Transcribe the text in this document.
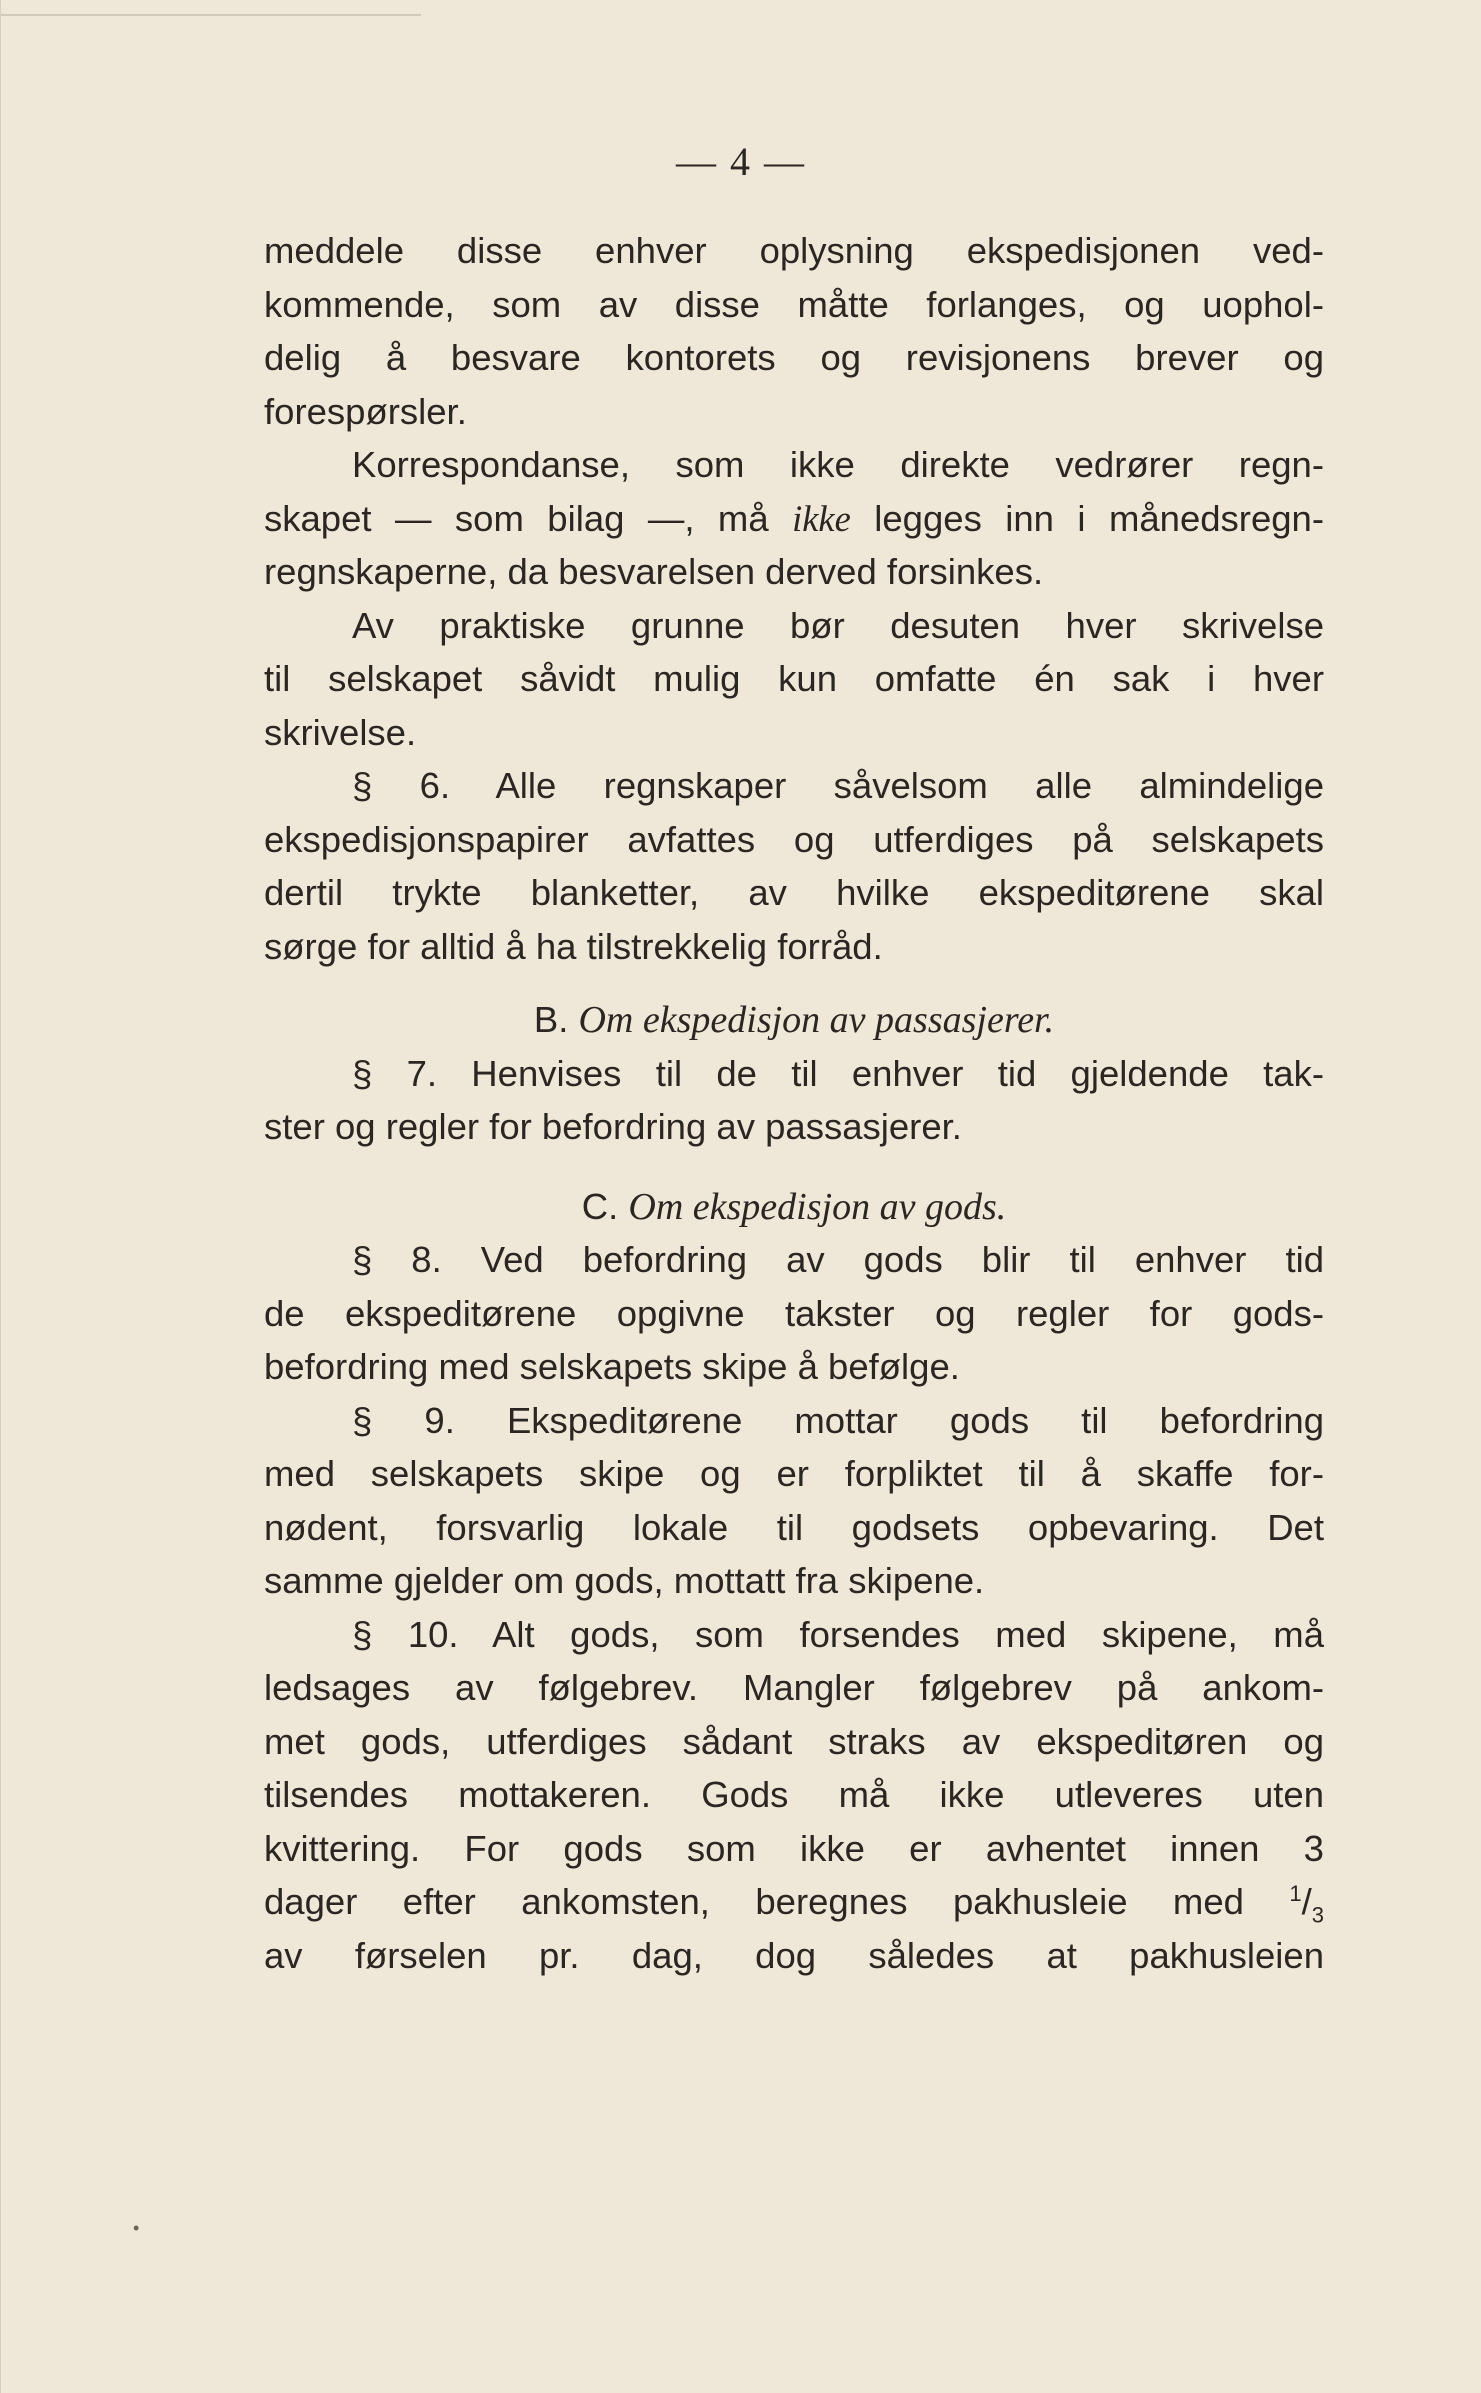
— 4 —
meddele disse enhver oplysning ekspedisjonen ved-
kommende, som av disse måtte forlanges, og uophol-
delig å besvare kontorets og revisjonens brever og
forespørsler.
Korrespondanse, som ikke direkte vedrører regn-
skapet — som bilag —, må ikke legges inn i månedsregn-
regnskaperne, da besvarelsen derved forsinkes.
Av praktiske grunne bør desuten hver skrivelse
til selskapet såvidt mulig kun omfatte én sak i hver
skrivelse.
§ 6. Alle regnskaper såvelsom alle almindelige
ekspedisjonspapirer avfattes og utferdiges på selskapets
dertil trykte blanketter, av hvilke ekspeditørene skal
sørge for alltid å ha tilstrekkelig forråd.
B. Om ekspedisjon av passasjerer.
§ 7. Henvises til de til enhver tid gjeldende tak-
ster og regler for befordring av passasjerer.
C. Om ekspedisjon av gods.
§ 8. Ved befordring av gods blir til enhver tid
de ekspeditørene opgivne takster og regler for gods-
befordring med selskapets skipe å befølge.
§ 9. Ekspeditørene mottar gods til befordring
med selskapets skipe og er forpliktet til å skaffe for-
nødent, forsvarlig lokale til godsets opbevaring. Det
samme gjelder om gods, mottatt fra skipene.
§ 10. Alt gods, som forsendes med skipene, må
ledsages av følgebrev. Mangler følgebrev på ankom-
met gods, utferdiges sådant straks av ekspeditøren og
tilsendes mottakeren. Gods må ikke utleveres uten
kvittering. For gods som ikke er avhentet innen 3
dager efter ankomsten, beregnes pakhusleie med $^1/_3$
av førselen pr. dag, dog således at pakhusleien
•
